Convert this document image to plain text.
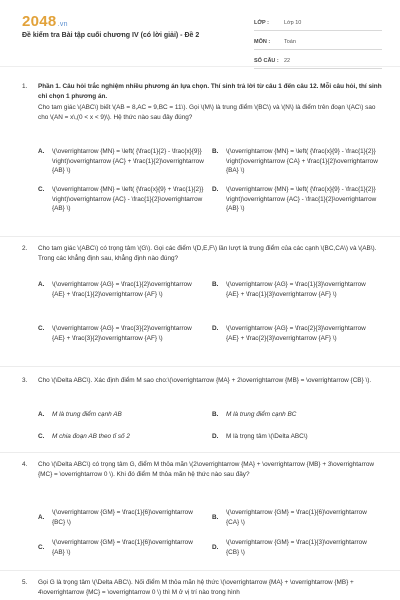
2048.vn
Đề kiểm tra Bài tập cuối chương IV (có lời giải) - Đề 2
LỚP :	Lớp 10
MÔN :	Toán
SỐ CÂU : 22
1.	Phần 1. Câu hỏi trắc nghiệm nhiều phương án lựa chọn. Thí sinh trả lời từ câu 1 đến câu 12. Mỗi câu hỏi, thí sinh chỉ chọn 1 phương án.
Cho tam giác \(ABC\) biết \(AB = 8,AC = 9,BC = 11\). Gọi \(M\) là trung điểm \(BC\) và \(N\) là điểm trên đoạn \(AC\) sao cho \(AN = x\,(0 < x < 9)\). Hệ thức nào sau đây đúng?
A.	\(\overrightarrow {MN} = \left( {\frac{1}{2} - \frac{x}{9}} \right)\overrightarrow {AC} + \frac{1}{2}\overrightarrow {AB} \)
B.	\(\overrightarrow {MN} = \left( {\frac{x}{9} - \frac{1}{2}} \right)\overrightarrow {CA} + \frac{1}{2}\overrightarrow {BA} \)
C.	\(\overrightarrow {MN} = \left( {\frac{x}{9} + \frac{1}{2}} \right)\overrightarrow {AC} - \frac{1}{2}\overrightarrow {AB} \)
D.	\(\overrightarrow {MN} = \left( {\frac{x}{9} - \frac{1}{2}} \right)\overrightarrow {AC} - \frac{1}{2}\overrightarrow {AB} \)
2.	Cho tam giác \(ABC\) có trọng tâm \(G\). Gọi các điểm \(D,E,F\) lần lượt là trung điểm của các cạnh \(BC,CA\) và \(AB\). Trong các khẳng định sau, khẳng định nào đúng?
A.	\(\overrightarrow {AG} = \frac{1}{2}\overrightarrow {AE} + \frac{1}{2}\overrightarrow {AF} \)
B.	\(\overrightarrow {AG} = \frac{1}{3}\overrightarrow {AE} + \frac{1}{3}\overrightarrow {AF} \)
C.	\(\overrightarrow {AG} = \frac{3}{2}\overrightarrow {AE} + \frac{3}{2}\overrightarrow {AF} \)
D.	\(\overrightarrow {AG} = \frac{2}{3}\overrightarrow {AE} + \frac{2}{3}\overrightarrow {AF} \)
3.	Cho \(\Delta ABC\). Xác định điểm M sao cho:\(\overrightarrow {MA} + 2\overrightarrow {MB} = \overrightarrow {CB} \).
A.	M là trung điểm cạnh AB	B.	M là trung điểm cạnh BC
C.	M chia đoạn AB theo tỉ số 2	D.	M là trọng tâm \(\Delta ABC\)
4.	Cho \(\Delta ABC\) có trọng tâm G, điểm M thỏa mãn \(2\overrightarrow {MA} + \overrightarrow {MB} + 3\overrightarrow {MC} = \overrightarrow 0 \). Khi đó điểm M thỏa mãn hệ thức nào sau đây?
A.
\(\overrightarrow {GM} = \frac{1}{6}\overrightarrow {BC} \)
B.
\(\overrightarrow {GM} = \frac{1}{6}\overrightarrow {CA} \)
C.
\(\overrightarrow {GM} = \frac{1}{6}\overrightarrow {AB} \)
D.
\(\overrightarrow {GM} = \frac{1}{3}\overrightarrow {CB} \)
5.	Gọi G là trọng tâm \(\Delta ABC\). Nối điểm M thỏa mãn hệ thức \(\overrightarrow {MA} + \overrightarrow {MB} + 4\overrightarrow {MC} = \overrightarrow 0 \) thì M ở vị trí nào trong hình
